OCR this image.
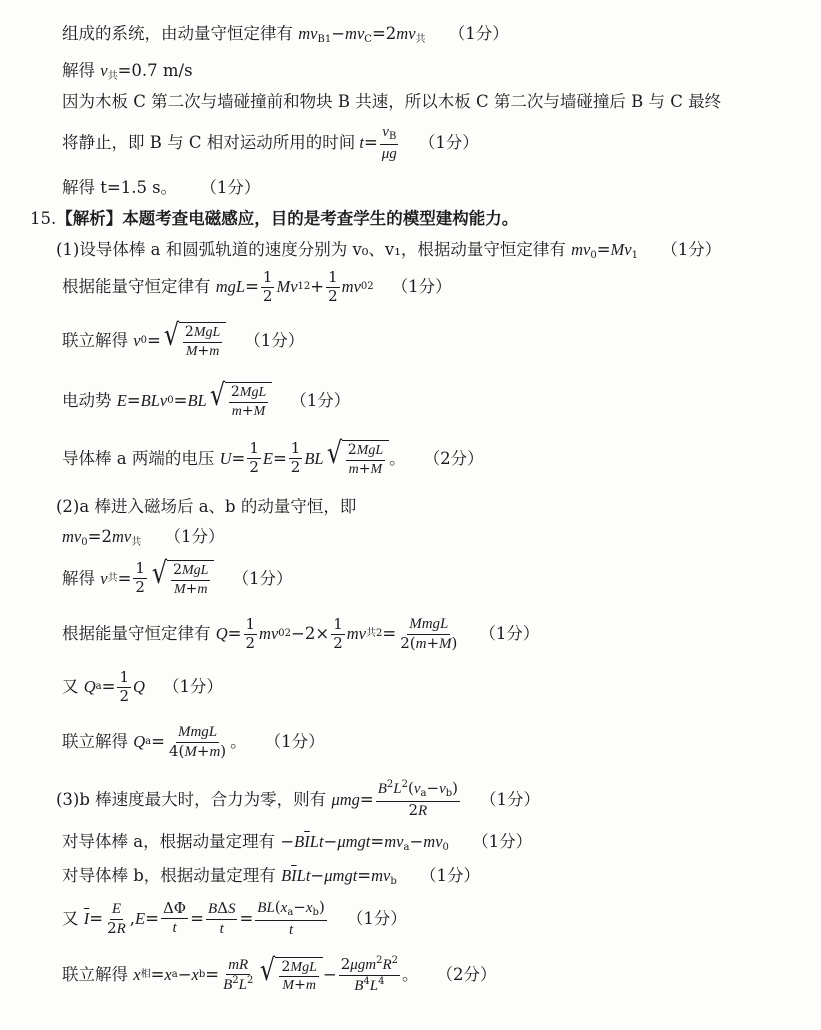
组成的系统，由动量守恒定律有 $mv_{B1}-mv_C=2mv_共$ （1分）
解得 $v_共=0.7$ m/s
因为木板 C 第二次与墙碰撞前和物块 B 共速，所以木板 C 第二次与墙碰撞后 B 与 C 最终
将静止，即 B 与 C 相对运动所用的时间 $t = \frac{v_B}{\mu g} (1$分）
解得 t=1.5 s。 （1分）
15.【解析】本题考查电磁感应，目的是考查学生的模型建构能力。
(1)设导体棒 a 和圆弧轨道的速度分别为 v₀、v₁，根据动量守恒定律有 $mv_0=Mv_1$ （1分）
根据能量守恒定律有
mgL = $\frac{1}{2}$ Mv 1 $2 + \frac{1}{2}$ mv 0 2 （1分）
联立解得
v 0 = √ $\frac{\text{2MgL}}{M+m} (1$分）
电动势
E = BLv 0 = BL √ $\frac{\text{2MgL}}{m+M} (1$分）
导体棒 a 两端的电压
$U = \frac{1}{2}$ $E = \frac{1}{2}$ BL √ $\frac{\text{2MgL}}{m+M}$ 。 （2分）
(2)a 棒进入磁场后 a、b 的动量守恒，即
$mv_0=2mv_共$ （1分）
解得
v 共 = $\frac{1}{2}$ √ $\frac{\text{2MgL}}{M+m} (1$分）
根据能量守恒定律有
$Q = \frac{1}{2}$ mv 0 $2 -2\times \frac{1}{2}$ mv 共 $2 = \frac{\text{MmgL}}{2(m+M)} (1$分）
又
Q $a = \frac{1}{2}$ Q （1分）
联立解得
Q $a = \frac{\text{MmgL}}{4(M+m)}$ 。 （1分）
(3)b 棒速度最大时，合力为零，则有
$\mu mg = \frac{B^2L^2(v_a-v_b)}{2R} (1$分）
对导体棒 a，根据动量定理有 $-B\overline{I}Lt-\mu mgt=mv_a-mv_0$ （1分）
对导体棒 b，根据动量定理有 $B\overline{I}Lt-\mu mgt=mv_b$ （1分）
又
$\overline{I} = \frac{E}{2R}$ , $E = \frac{\Delta\Phi}{t} = \frac{\text{BΔS}}{t} = \frac{BL(x_a-x_b)}{t} (1$分）
联立解得
x 相 = x a − x $b = \frac{mR}{B^2L^2}$ √ $\frac{\text{2MgL}}{M+m} - \frac{2\mu gm^2R^2}{B^4L^4}$ 。 （2分）
